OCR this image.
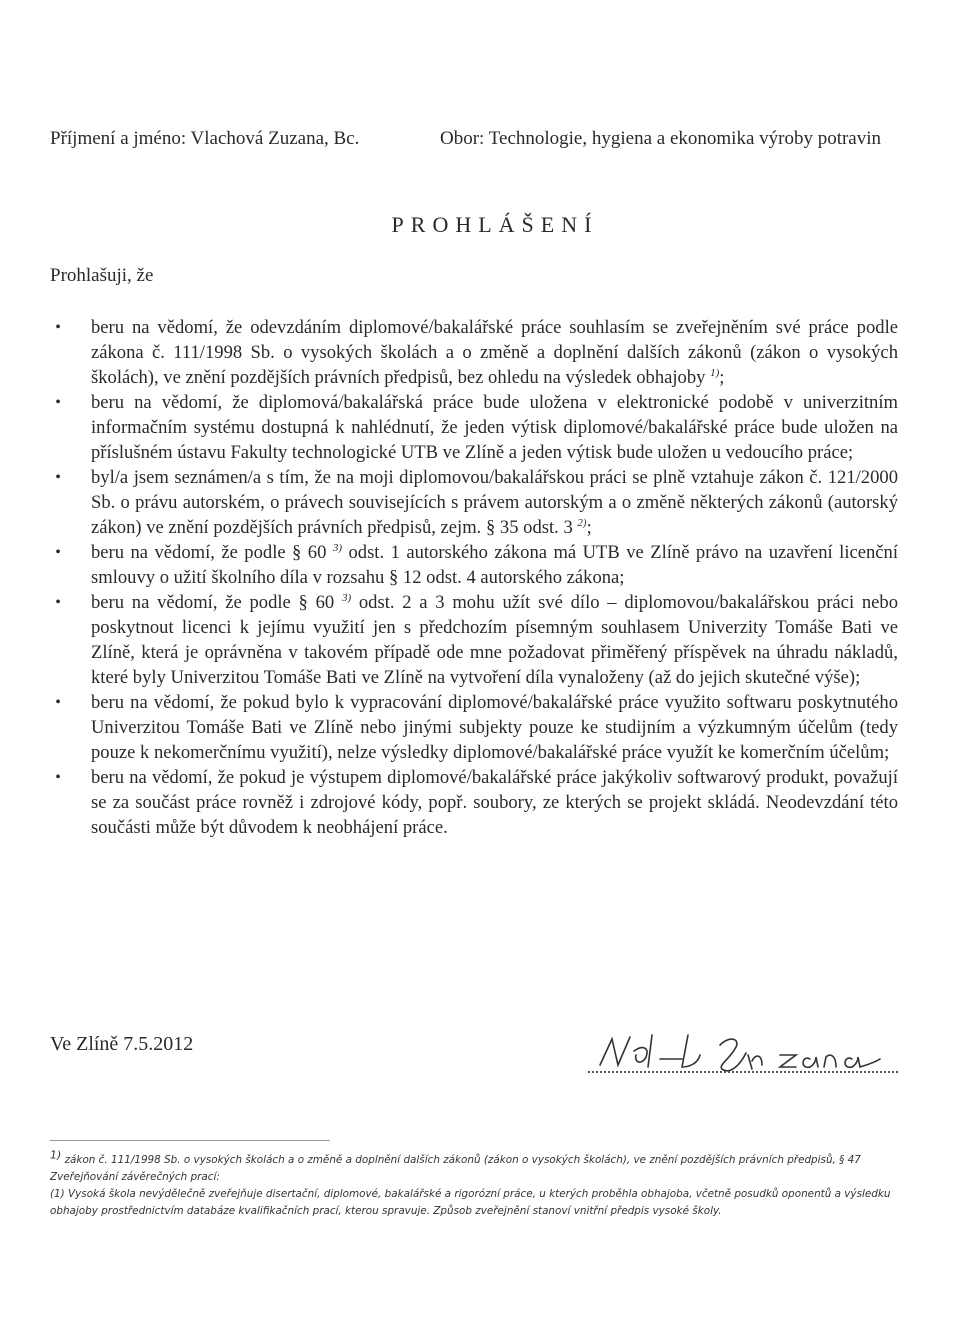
Příjmení a jméno: Vlachová Zuzana, Bc.	Obor: Technologie, hygiena a ekonomika výroby potravin
PROHLÁŠENÍ
Prohlašuji, že
• beru na vědomí, že odevzdáním diplomové/bakalářské práce souhlasím se zveřejněním své práce podle zákona č. 111/1998 Sb. o vysokých školách a o změně a doplnění dalších zákonů (zákon o vysokých školách), ve znění pozdějších právních předpisů, bez ohledu na výsledek obhajoby $^{1)}$;
• beru na vědomí, že diplomová/bakalářská práce bude uložena v elektronické podobě v univerzitním informačním systému dostupná k nahlédnutí, že jeden výtisk diplomové/bakalářské práce bude uložen na příslušném ústavu Fakulty technologické UTB ve Zlíně a jeden výtisk bude uložen u vedoucího práce;
• byl/a jsem seznámen/a s tím, že na moji diplomovou/bakalářskou práci se plně vztahuje zákon č. 121/2000 Sb. o právu autorském, o právech souvisejících s právem autorským a o změně některých zákonů (autorský zákon) ve znění pozdějších právních předpisů, zejm. § 35 odst. 3 $^{2)}$;
• beru na vědomí, že podle § 60 $^{3)}$ odst. 1 autorského zákona má UTB ve Zlíně právo na uzavření licenční smlouvy o užití školního díla v rozsahu § 12 odst. 4 autorského zákona;
• beru na vědomí, že podle § 60 $^{3)}$ odst. 2 a 3 mohu užít své dílo – diplomovou/bakalářskou práci nebo poskytnout licenci k jejímu využití jen s předchozím písemným souhlasem Univerzity Tomáše Bati ve Zlíně, která je oprávněna v takovém případě ode mne požadovat přiměřený příspěvek na úhradu nákladů, které byly Univerzitou Tomáše Bati ve Zlíně na vytvoření díla vynaloženy (až do jejich skutečné výše);
• beru na vědomí, že pokud bylo k vypracování diplomové/bakalářské práce využito softwaru poskytnutého Univerzitou Tomáše Bati ve Zlíně nebo jinými subjekty pouze ke studijním a výzkumným účelům (tedy pouze k nekomerčnímu využití), nelze výsledky diplomové/bakalářské práce využít ke komerčním účelům;
• beru na vědomí, že pokud je výstupem diplomové/bakalářské práce jakýkoliv softwarový produkt, považují se za součást práce rovněž i zdrojové kódy, popř. soubory, ze kterých se projekt skládá. Neodevzdání této součásti může být důvodem k neobhájení práce.
Ve Zlíně 7.5.2012

$^{1)}$ zákon č. 111/1998 Sb. o vysokých školách a o změně a doplnění dalších zákonů (zákon o vysokých školách), ve znění pozdějších právních předpisů, § 47 Zveřejňování závěrečných prací:

(1) Vysoká škola nevýdělečně zveřejňuje disertační, diplomové, bakalářské a rigorózní práce, u kterých proběhla obhajoba, včetně posudků oponentů a výsledku obhajoby prostřednictvím databáze kvalifikačních prací, kterou spravuje. Způsob zveřejnění stanoví vnitřní předpis vysoké školy.
